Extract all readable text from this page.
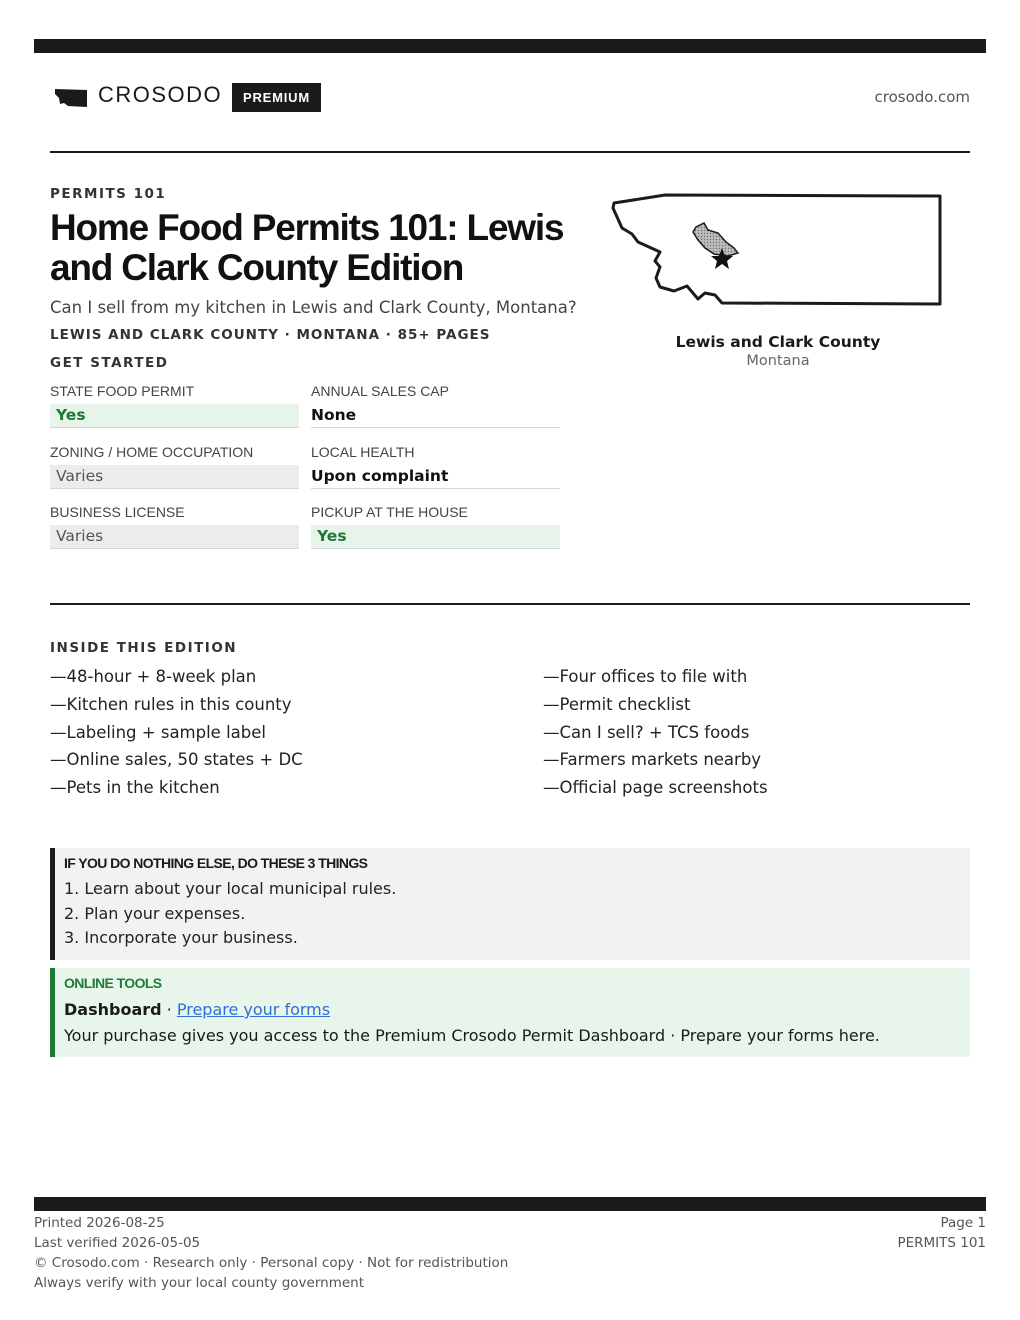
CROSODO	PREMIUM	crosodo.com
PERMITS 101
Home Food Permits 101: Lewis and Clark County Edition
Can I sell from my kitchen in Lewis and Clark County, Montana?
LEWIS AND CLARK COUNTY · MONTANA · 85+ PAGES
GET STARTED
STATE FOOD PERMIT
Yes
ANNUAL SALES CAP
None
ZONING / HOME OCCUPATION
Varies
LOCAL HEALTH
Upon complaint
BUSINESS LICENSE
Varies
PICKUP AT THE HOUSE
Yes
Lewis and Clark County
Montana
INSIDE THIS EDITION
—48-hour + 8-week plan
—Kitchen rules in this county
—Labeling + sample label
—Online sales, 50 states + DC
—Pets in the kitchen
—Four offices to file with
—Permit checklist
—Can I sell? + TCS foods
—Farmers markets nearby
—Official page screenshots
IF YOU DO NOTHING ELSE, DO THESE 3 THINGS
1. Learn about your local municipal rules.
2. Plan your expenses.
3. Incorporate your business.
ONLINE TOOLS
Dashboard · Prepare your forms
Your purchase gives you access to the Premium Crosodo Permit Dashboard · Prepare your forms here.
Printed 2026-08-25
Last verified 2026-05-05
© Crosodo.com · Research only · Personal copy · Not for redistribution
Always verify with your local county government
Page 1
PERMITS 101
